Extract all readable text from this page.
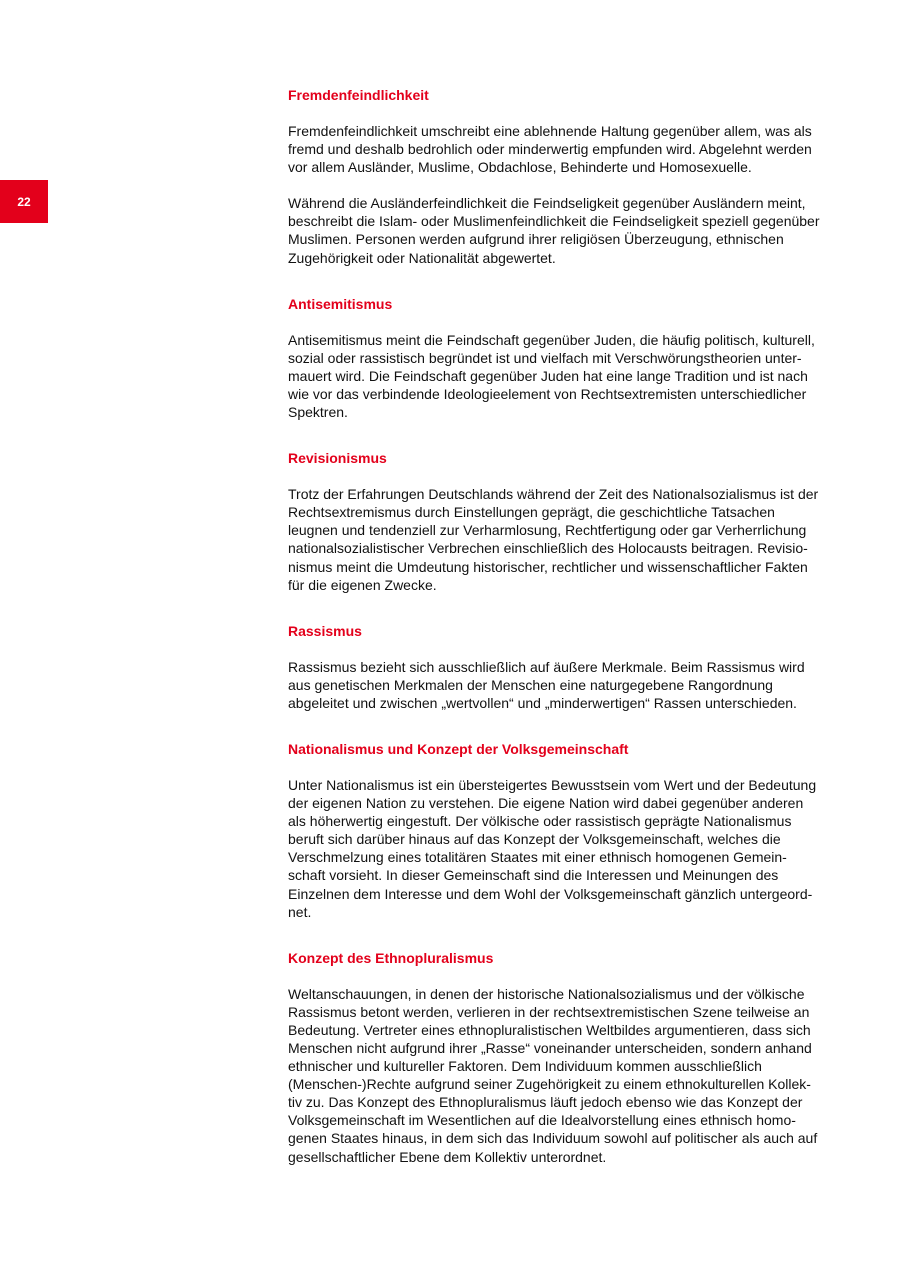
22
Fremdenfeindlichkeit

Fremdenfeindlichkeit umschreibt eine ablehnende Haltung gegenüber allem, was als
fremd und deshalb bedrohlich oder minderwertig empfunden wird. Abgelehnt werden
vor allem Ausländer, Muslime, Obdachlose, Behinderte und Homosexuelle.

Während die Ausländerfeindlichkeit die Feindseligkeit gegenüber Ausländern meint,
beschreibt die Islam- oder Muslimenfeindlichkeit die Feindseligkeit speziell gegenüber
Muslimen. Personen werden aufgrund ihrer religiösen Überzeugung, ethnischen
Zugehörigkeit oder Nationalität abgewertet.

Antisemitismus

Antisemitismus meint die Feindschaft gegenüber Juden, die häufig politisch, kulturell,
sozial oder rassistisch begründet ist und vielfach mit Verschwörungstheorien unter-
mauert wird. Die Feindschaft gegenüber Juden hat eine lange Tradition und ist nach
wie vor das verbindende Ideologieelement von Rechtsextremisten unterschiedlicher
Spektren.

Revisionismus

Trotz der Erfahrungen Deutschlands während der Zeit des Nationalsozialismus ist der
Rechtsextremismus durch Einstellungen geprägt, die geschichtliche Tatsachen
leugnen und tendenziell zur Verharmlosung, Rechtfertigung oder gar Verherrlichung
nationalsozialistischer Verbrechen einschließlich des Holocausts beitragen. Revisio-
nismus meint die Umdeutung historischer, rechtlicher und wissenschaftlicher Fakten
für die eigenen Zwecke.

Rassismus

Rassismus bezieht sich ausschließlich auf äußere Merkmale. Beim Rassismus wird
aus genetischen Merkmalen der Menschen eine naturgegebene Rangordnung
abgeleitet und zwischen „wertvollen“ und „minderwertigen“ Rassen unterschieden.

Nationalismus und Konzept der Volksgemeinschaft

Unter Nationalismus ist ein übersteigertes Bewusstsein vom Wert und der Bedeutung
der eigenen Nation zu verstehen. Die eigene Nation wird dabei gegenüber anderen
als höherwertig eingestuft. Der völkische oder rassistisch geprägte Nationalismus
beruft sich darüber hinaus auf das Konzept der Volksgemeinschaft, welches die
Verschmelzung eines totalitären Staates mit einer ethnisch homogenen Gemein-
schaft vorsieht. In dieser Gemeinschaft sind die Interessen und Meinungen des
Einzelnen dem Interesse und dem Wohl der Volksgemeinschaft gänzlich untergeord-
net.

Konzept des Ethnopluralismus

Weltanschauungen, in denen der historische Nationalsozialismus und der völkische
Rassismus betont werden, verlieren in der rechtsextremistischen Szene teilweise an
Bedeutung. Vertreter eines ethnopluralistischen Weltbildes argumentieren, dass sich
Menschen nicht aufgrund ihrer „Rasse“ voneinander unterscheiden, sondern anhand
ethnischer und kultureller Faktoren. Dem Individuum kommen ausschließlich
(Menschen-)Rechte aufgrund seiner Zugehörigkeit zu einem ethnokulturellen Kollek-
tiv zu. Das Konzept des Ethnopluralismus läuft jedoch ebenso wie das Konzept der
Volksgemeinschaft im Wesentlichen auf die Idealvorstellung eines ethnisch homo-
genen Staates hinaus, in dem sich das Individuum sowohl auf politischer als auch auf
gesellschaftlicher Ebene dem Kollektiv unterordnet.
